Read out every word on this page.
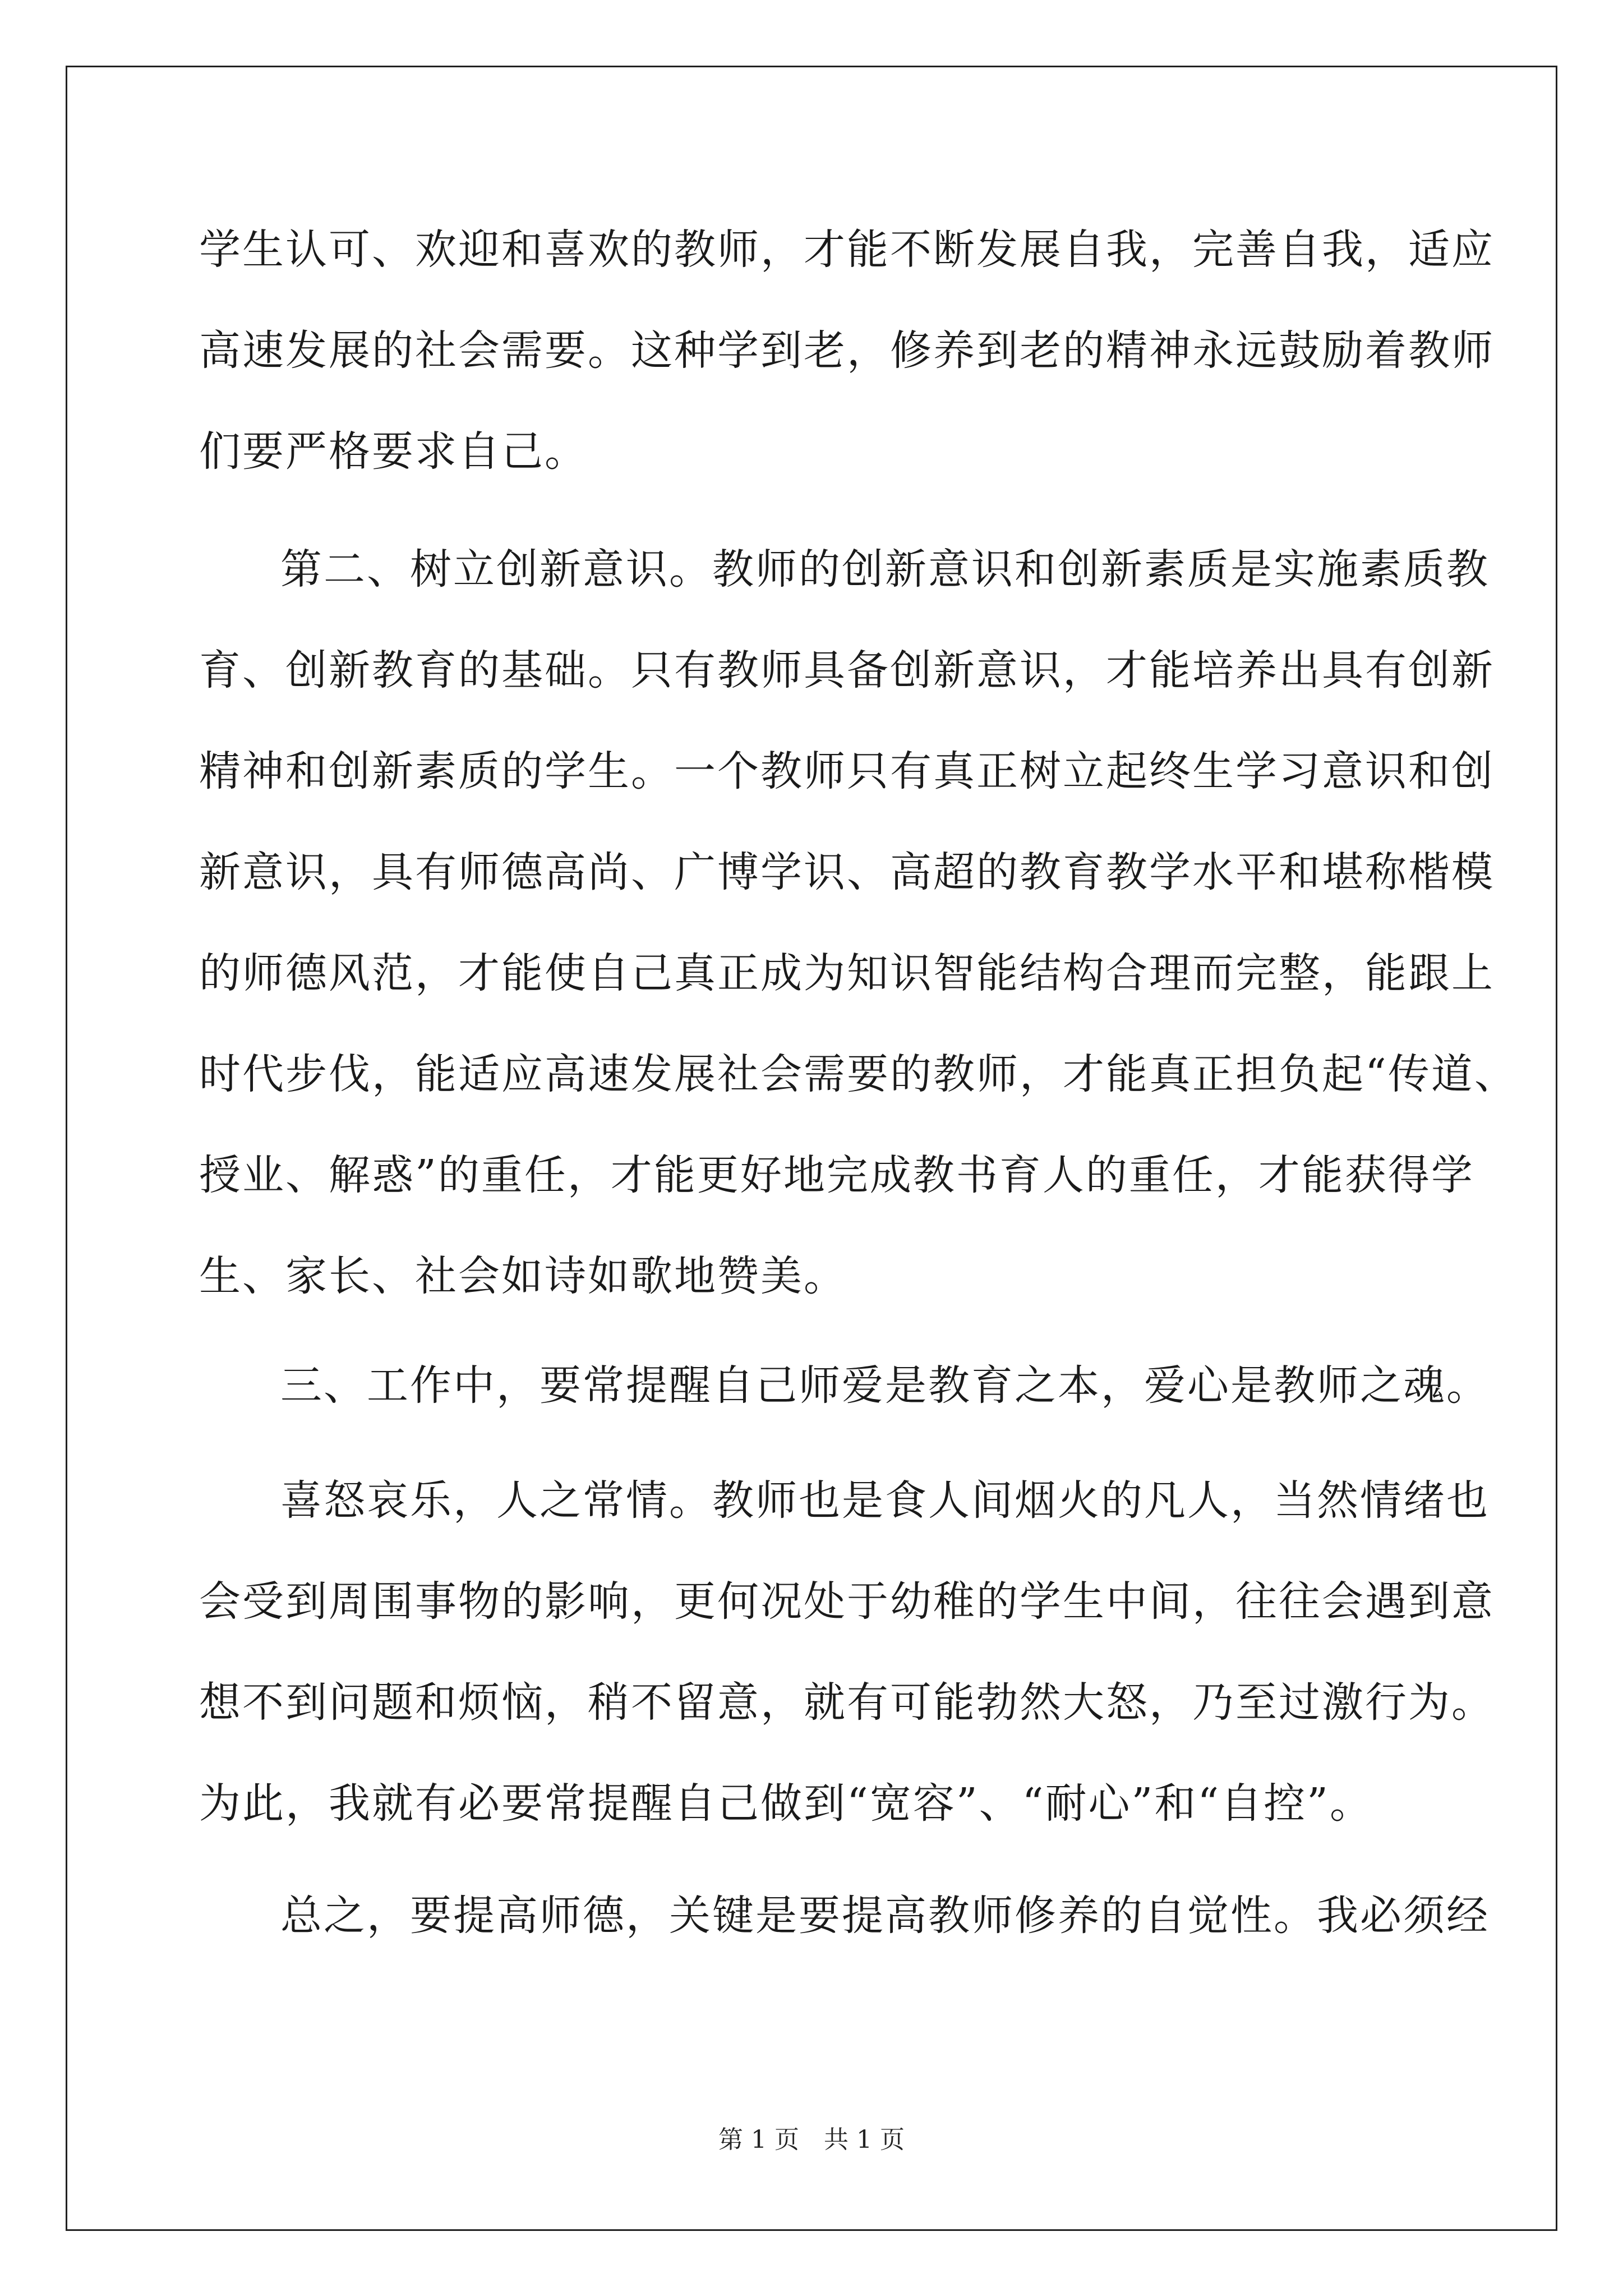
学生认可、欢迎和喜欢的教师，才能不断发展自我，完善自我，适应
高速发展的社会需要。这种学到老，修养到老的精神永远鼓励着教师
们要严格要求自己。
第二、树立创新意识。教师的创新意识和创新素质是实施素质教
育、创新教育的基础。只有教师具备创新意识，才能培养出具有创新
精神和创新素质的学生。一个教师只有真正树立起终生学习意识和创
新意识，具有师德高尚、广博学识、高超的教育教学水平和堪称楷模
的师德风范，才能使自己真正成为知识智能结构合理而完整，能跟上
时代步伐，能适应高速发展社会需要的教师，才能真正担负起“传道、
授业、解惑”的重任，才能更好地完成教书育人的重任，才能获得学
生、家长、社会如诗如歌地赞美。
三、工作中，要常提醒自己师爱是教育之本，爱心是教师之魂。
喜怒哀乐，人之常情。教师也是食人间烟火的凡人，当然情绪也
会受到周围事物的影响，更何况处于幼稚的学生中间，往往会遇到意
想不到问题和烦恼，稍不留意，就有可能勃然大怒，乃至过激行为。
为此，我就有必要常提醒自己做到“宽容”、“耐心”和“自控”。
总之，要提高师德，关键是要提高教师修养的自觉性。我必须经
第 1 页　共 1 页
